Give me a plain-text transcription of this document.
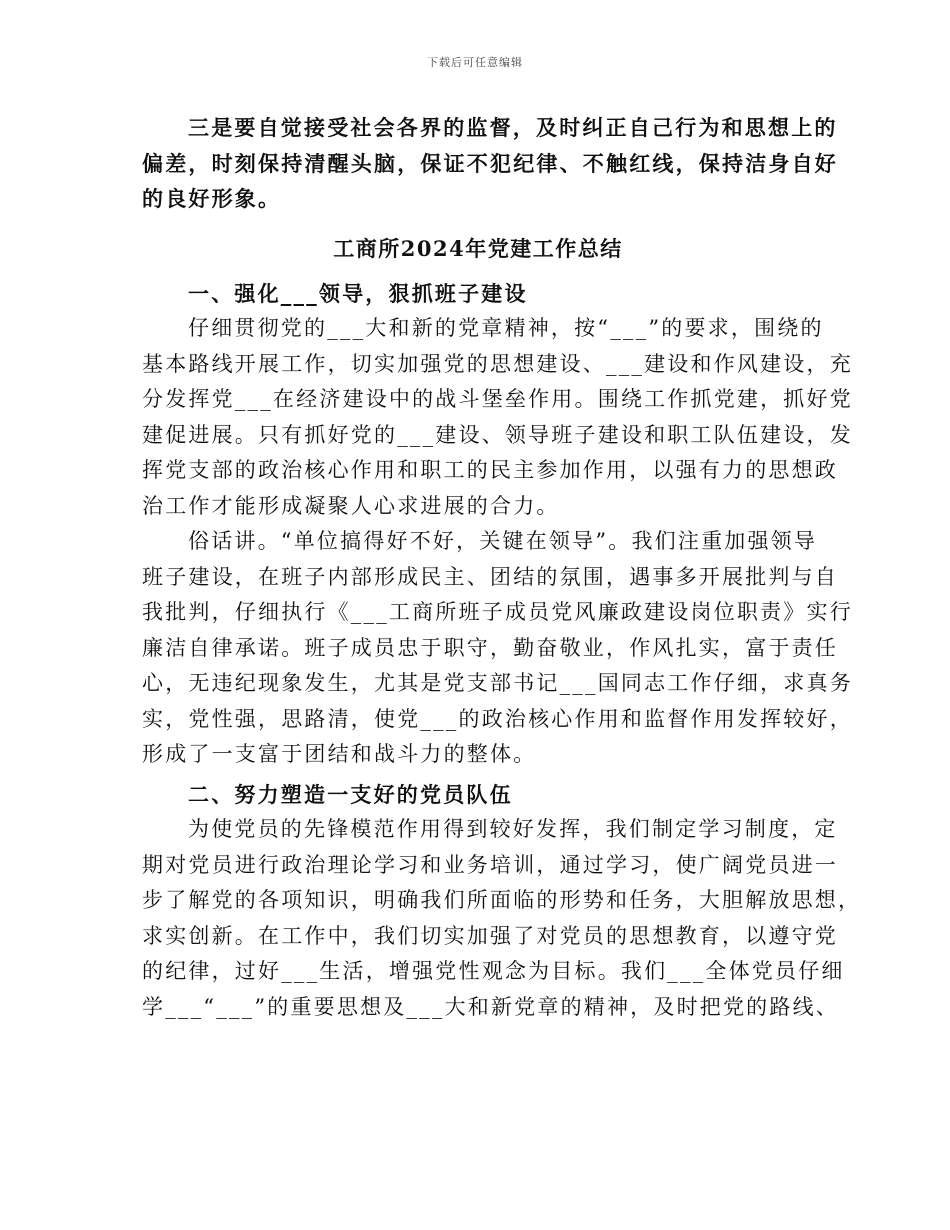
下载后可任意编辑
三是要自觉接受社会各界的监督，及时纠正自己行为和思想上的
偏差，时刻保持清醒头脑，保证不犯纪律、不触红线，保持洁身自好
的良好形象。
工商所2024年党建工作总结
一、强化___领导，狠抓班子建设
仔细贯彻党的___大和新的党章精神，按“___”的要求，围绕的
基本路线开展工作，切实加强党的思想建设、___建设和作风建设，充
分发挥党___在经济建设中的战斗堡垒作用。围绕工作抓党建，抓好党
建促进展。只有抓好党的___建设、领导班子建设和职工队伍建设，发
挥党支部的政治核心作用和职工的民主参加作用，以强有力的思想政
治工作才能形成凝聚人心求进展的合力。
俗话讲。“单位搞得好不好，关键在领导”。我们注重加强领导
班子建设，在班子内部形成民主、团结的氛围，遇事多开展批判与自
我批判，仔细执行《___工商所班子成员党风廉政建设岗位职责》实行
廉洁自律承诺。班子成员忠于职守，勤奋敬业，作风扎实，富于责任
心，无违纪现象发生，尤其是党支部书记___国同志工作仔细，求真务
实，党性强，思路清，使党___的政治核心作用和监督作用发挥较好，
形成了一支富于团结和战斗力的整体。
二、努力塑造一支好的党员队伍
为使党员的先锋模范作用得到较好发挥，我们制定学习制度，定
期对党员进行政治理论学习和业务培训，通过学习，使广阔党员进一
步了解党的各项知识，明确我们所面临的形势和任务，大胆解放思想，
求实创新。在工作中，我们切实加强了对党员的思想教育，以遵守党
的纪律，过好___生活，增强党性观念为目标。我们___全体党员仔细
学___“___”的重要思想及___大和新党章的精神，及时把党的路线、
